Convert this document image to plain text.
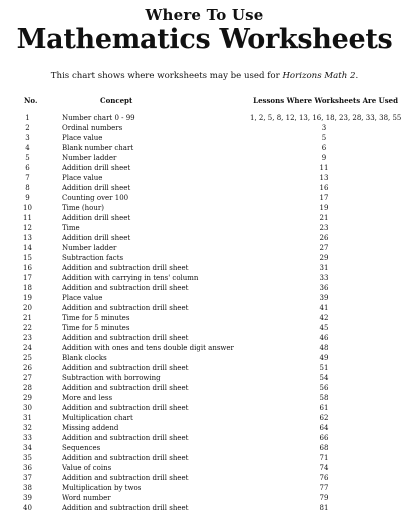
Where To Use
Mathematics Worksheets
This chart shows where worksheets may be used for Horizons Math 2.
No.	Concept	Lessons Where Worksheets Are Used
1	Number chart 0 - 99	1, 2, 5, 8, 12, 13, 16, 18, 23, 28, 33, 38, 55
2	Ordinal numbers	3
3	Place value	5
4	Blank number chart	6
5	Number ladder	9
6	Addition drill sheet	11
7	Place value	13
8	Addition drill sheet	16
9	Counting over 100	17
10	Time (hour)	19
11	Addition drill sheet	21
12	Time	23
13	Addition drill sheet	26
14	Number ladder	27
15	Subtraction facts	29
16	Addition and subtraction drill sheet	31
17	Addition with carrying in tens' column	33
18	Addition and subtraction drill sheet	36
19	Place value	39
20	Addition and subtraction drill sheet	41
21	Time for 5 minutes	42
22	Time for 5 minutes	45
23	Addition and subtraction drill sheet	46
24	Addition with ones and tens double digit answer	48
25	Blank clocks	49
26	Addition and subtraction drill sheet	51
27	Subtraction with borrowing	54
28	Addition and subtraction drill sheet	56
29	More and less	58
30	Addition and subtraction drill sheet	61
31	Multiplication chart	62
32	Missing addend	64
33	Addition and subtraction drill sheet	66
34	Sequences	68
35	Addition and subtraction drill sheet	71
36	Value of coins	74
37	Addition and subtraction drill sheet	76
38	Multiplication by twos	77
39	Word number	79
40	Addition and subtraction drill sheet	81
